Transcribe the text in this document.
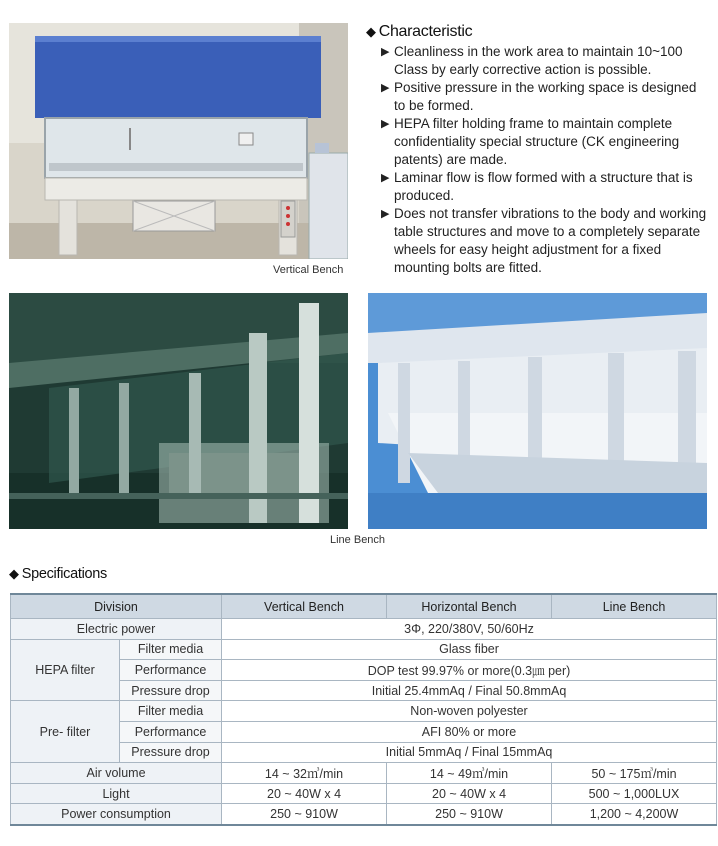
Vertical Bench
◆ Characteristic
▶ Cleanliness in the work area to maintain 10~100 Class by early corrective action is possible.
▶ Positive pressure in the working space is designed to be formed.
▶ HEPA filter holding frame to maintain complete confidentiality special structure (CK engineering patents) are made.
▶ Laminar flow is flow formed with a structure that is produced.
▶ Does not transfer vibrations to the body and working table structures and move to a completely separate wheels for easy height adjustment for a fixed mounting bolts are fitted.
Line Bench
◆ Specifications
Division		Vertical Bench	Horizontal Bench	Line Bench
Electric power		3Φ, 220/380V, 50/60Hz		
HEPA filter	Filter media	Glass fiber		
	Performance	DOP test 99.97% or more(0.3㎛ per)		
	Pressure drop	Initial 25.4mmAq / Final 50.8mmAq		
Pre- filter	Filter media	Non-woven polyester		
	Performance	AFI 80% or more		
	Pressure drop	Initial 5mmAq / Final 15mmAq		
Air volume		14 ~ 32㎥/min	14 ~ 49㎥/min	50 ~ 175㎥/min
Light		20 ~ 40W x 4	20 ~ 40W x 4	500 ~ 1,000LUX
Power consumption		250 ~ 910W	250 ~ 910W	1,200 ~ 4,200W
